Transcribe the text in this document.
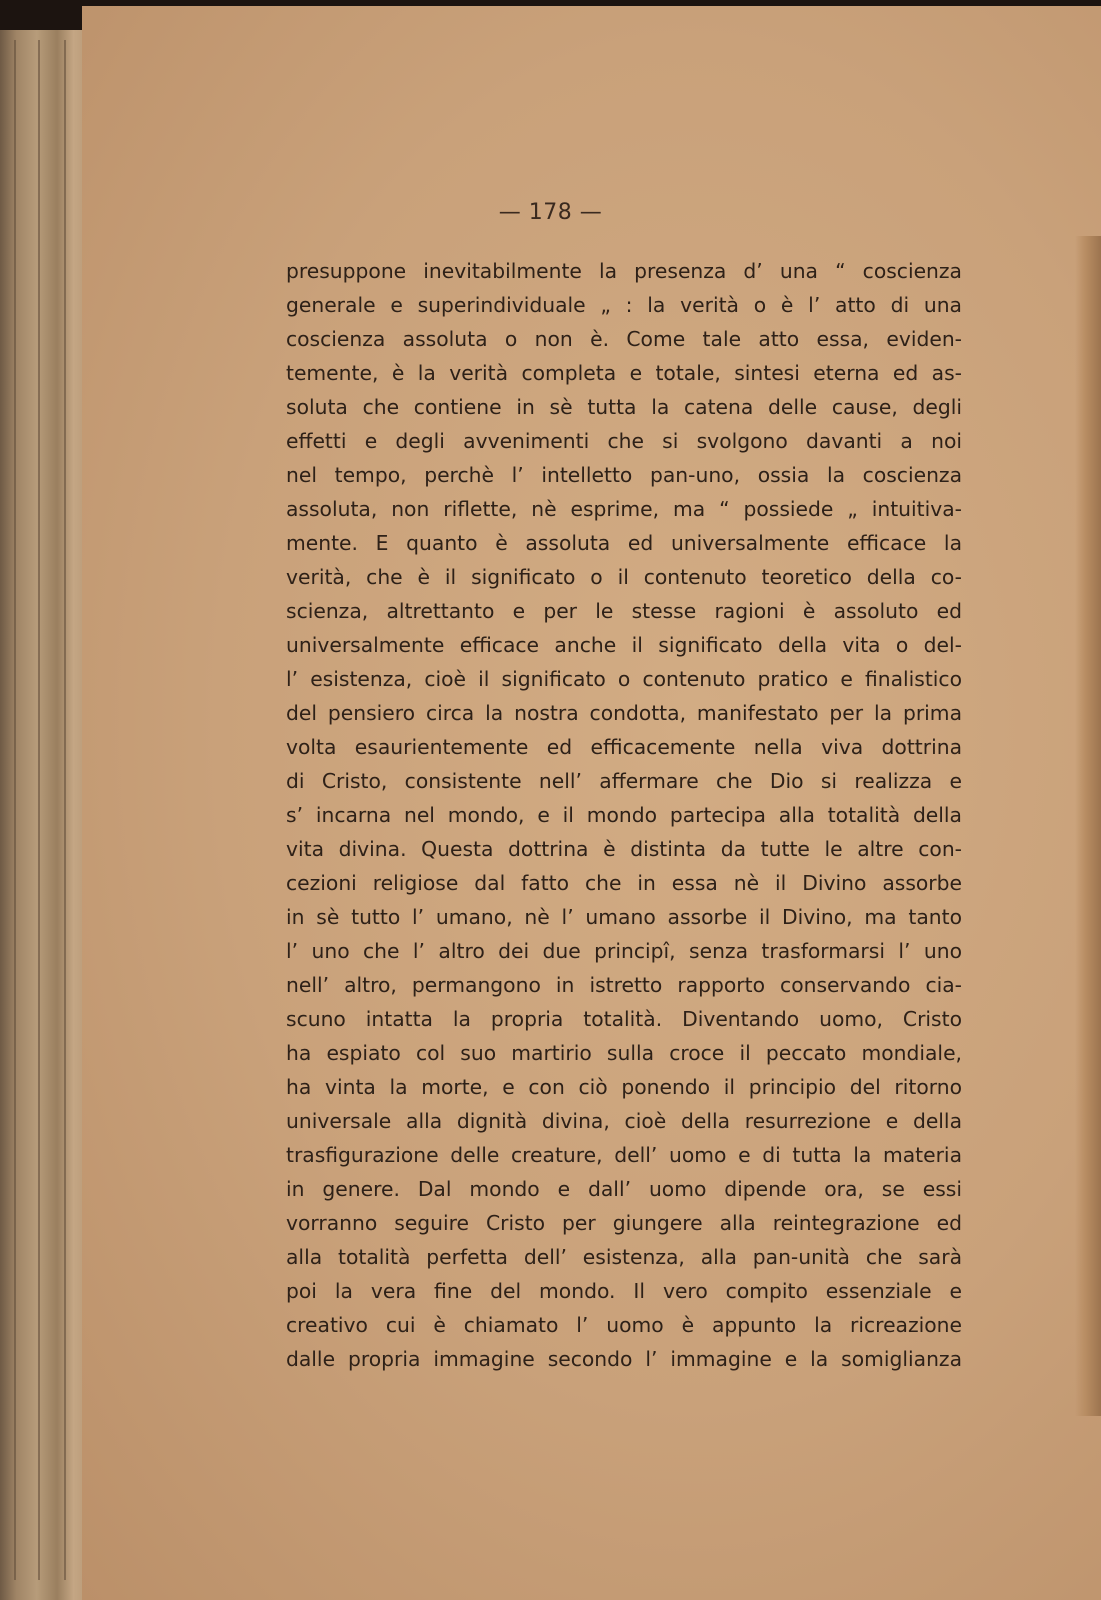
— 178 —
presuppone inevitabilmente la presenza d’ una “ coscienza
generale e superindividuale „ : la verità o è l’ atto di una
coscienza assoluta o non è. Come tale atto essa, eviden-
temente, è la verità completa e totale, sintesi eterna ed as-
soluta che contiene in sè tutta la catena delle cause, degli
effetti e degli avvenimenti che si svolgono davanti a noi
nel tempo, perchè l’ intelletto pan-uno, ossia la coscienza
assoluta, non riflette, nè esprime, ma “ possiede „ intuitiva-
mente. E quanto è assoluta ed universalmente efficace la
verità, che è il significato o il contenuto teoretico della co-
scienza, altrettanto e per le stesse ragioni è assoluto ed
universalmente efficace anche il significato della vita o del-
l’ esistenza, cioè il significato o contenuto pratico e finalistico
del pensiero circa la nostra condotta, manifestato per la prima
volta esaurientemente ed efficacemente nella viva dottrina
di Cristo, consistente nell’ affermare che Dio si realizza e
s’ incarna nel mondo, e il mondo partecipa alla totalità della
vita divina. Questa dottrina è distinta da tutte le altre con-
cezioni religiose dal fatto che in essa nè il Divino assorbe
in sè tutto l’ umano, nè l’ umano assorbe il Divino, ma tanto
l’ uno che l’ altro dei due principî, senza trasformarsi l’ uno
nell’ altro, permangono in istretto rapporto conservando cia-
scuno intatta la propria totalità. Diventando uomo, Cristo
ha espiato col suo martirio sulla croce il peccato mondiale,
ha vinta la morte, e con ciò ponendo il principio del ritorno
universale alla dignità divina, cioè della resurrezione e della
trasfigurazione delle creature, dell’ uomo e di tutta la materia
in genere. Dal mondo e dall’ uomo dipende ora, se essi
vorranno seguire Cristo per giungere alla reintegrazione ed
alla totalità perfetta dell’ esistenza, alla pan-unità che sarà
poi la vera fine del mondo. Il vero compito essenziale e
creativo cui è chiamato l’ uomo è appunto la ricreazione
dalle propria immagine secondo l’ immagine e la somiglianza
